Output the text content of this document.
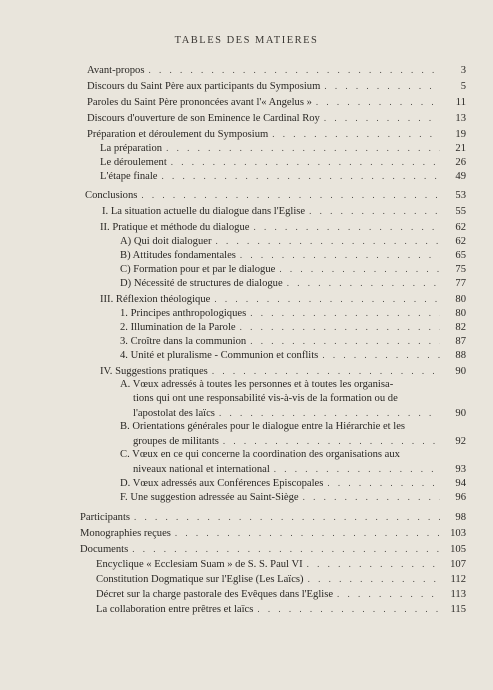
TABLES DES MATIERES
Avant-propos . . .	3
Discours du Saint Père aux participants du Symposium . . .	5
Paroles du Saint Père prononcées avant l'« Angelus » . . .	11
Discours d'ouverture de son Eminence le Cardinal Roy . . .	13
Préparation et déroulement du Symposium . . .	19
La préparation . . .	21
Le déroulement . . .	26
L'étape finale . . .	49
Conclusions . . .	53
I. La situation actuelle du dialogue dans l'Eglise . . .	55
II. Pratique et méthode du dialogue . . .	62
A) Qui doit dialoguer . . .	62
B) Attitudes fondamentales . . .	65
C) Formation pour et par le dialogue . . .	75
D) Nécessité de structures de dialogue . . .	77
III. Réflexion théologique . . .	80
1. Principes anthropologiques . . .	80
2. Illumination de la Parole . . .	82
3. Croître dans la communion . . .	87
4. Unité et pluralisme - Communion et conflits . . .	88
IV. Suggestions pratiques . . .	90
A. Vœux adressés à toutes les personnes et à toutes les organisa-
tions qui ont une responsabilité vis-à-vis de la formation ou de
l'apostolat des laïcs . . .	90
B. Orientations générales pour le dialogue entre la Hiérarchie et les
groupes de militants . . .	92
C. Vœux en ce qui concerne la coordination des organisations aux
niveaux national et international . . .	93
D. Vœux adressés aux Conférences Episcopales . . .	94
F. Une suggestion adressée au Saint-Siège . . .	96
Participants . . .	98
Monographies reçues . . .	103
Documents . . .	105
Encyclique « Ecclesiam Suam » de S. S. Paul VI . . .	107
Constitution Dogmatique sur l'Eglise (Les Laïcs) . . .	112
Décret sur la charge pastorale des Evêques dans l'Eglise . . .	113
La collaboration entre prêtres et laïcs . . .	115
